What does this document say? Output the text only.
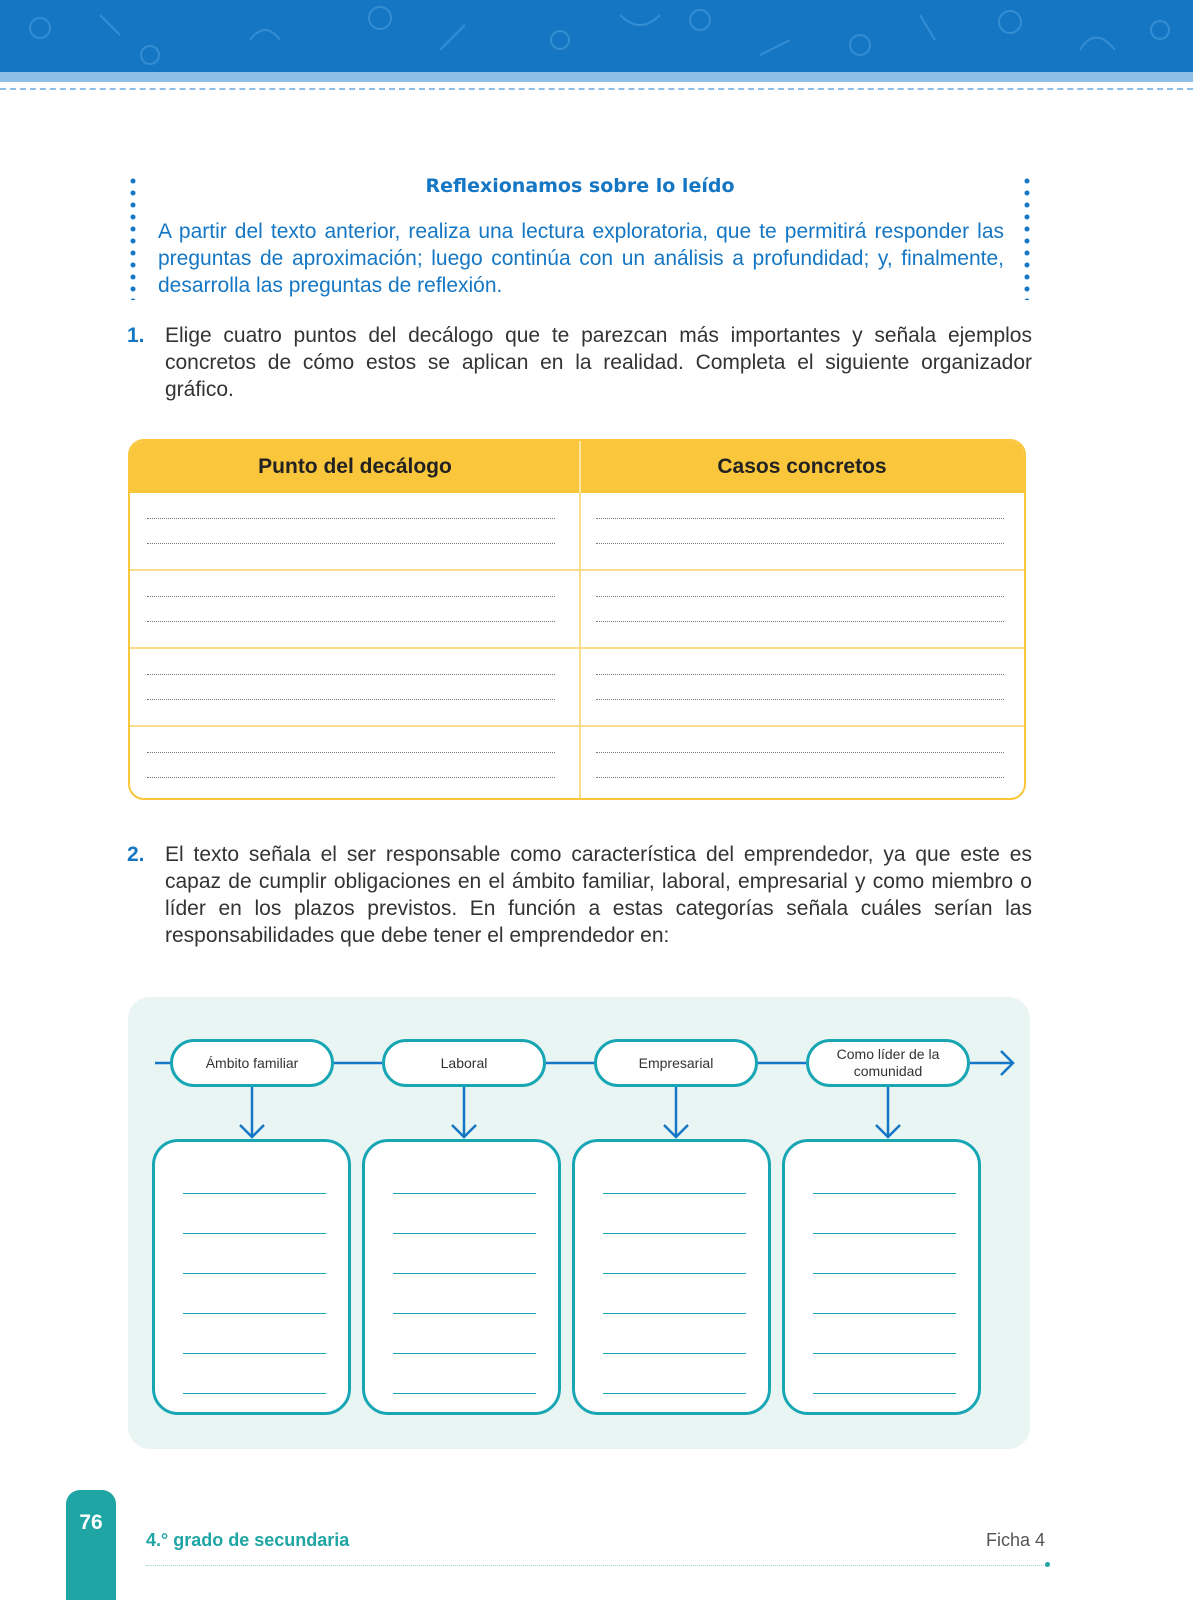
Reflexionamos sobre lo leído
A partir del texto anterior, realiza una lectura exploratoria, que te permitirá responder las preguntas de aproximación; luego continúa con un análisis a profundidad; y, finalmente, desarrolla las preguntas de reflexión.
1. Elige cuatro puntos del decálogo que te parezcan más importantes y señala ejemplos concretos de cómo estos se aplican en la realidad. Completa el siguiente organizador gráfico.
Punto del decálogo	Casos concretos
2. El texto señala el ser responsable como característica del emprendedor, ya que este es capaz de cumplir obligaciones en el ámbito familiar, laboral, empresarial y como miembro o líder en los plazos previstos. En función a estas categorías señala cuáles serían las responsabilidades que debe tener el emprendedor en:
Ámbito familiar	Laboral	Empresarial
Como líder de la comunidad
76
4.° grado de secundaria	Ficha 4
